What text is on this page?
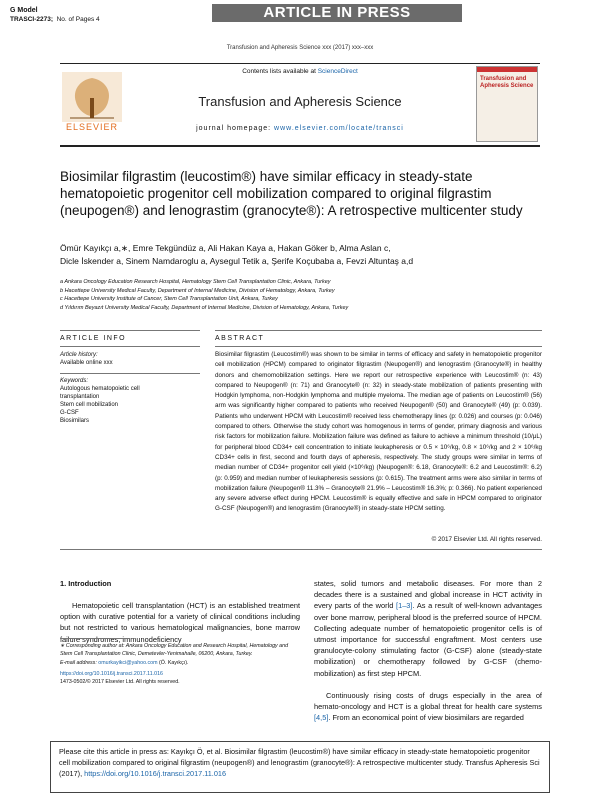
G Model
TRASCI-2273; No. of Pages 4	ARTICLE IN PRESS
Transfusion and Apheresis Science xxx (2017) xxx–xxx
ELSEVIER
Contents lists available at ScienceDirect
Transfusion and Apheresis Science
journal homepage: www.elsevier.com/locate/transci
Transfusion and Apheresis Science
Biosimilar filgrastim (leucostim®) have similar efficacy in steady-state hematopoietic progenitor cell mobilization compared to original filgrastim (neupogen®) and lenograstim (granocyte®): A retrospective multicenter study
Ömür Kayıkçı a,∗, Emre Tekgündüz a, Ali Hakan Kaya a, Hakan Göker b, Alma Aslan c,
Dicle İskender a, Sinem Namdaroglu a, Aysegul Tetik a, Şerife Koçubaba a, Fevzi Altuntaş a,d
a Ankara Oncology Education Research Hospital, Hematology Stem Cell Transplantation Clinic, Ankara, Turkey
b Hacettepe University Medical Faculty, Department of Internal Medicine, Division of Hematology, Ankara, Turkey
c Hacettepe University Institute of Cancer, Stem Cell Transplantation Unit, Ankara, Turkey
d Yıldırım Beyazıt University Medical Faculty, Department of Internal Medicine, Division of Hematology, Ankara, Turkey
ARTICLE INFO
Article history:
Available online xxx
Keywords:
Autologous hematopoietic cell
transplantation
Stem cell mobilization
G-CSF
Biosimilars
ABSTRACT
Biosimilar filgrastim (Leucostim®) was shown to be similar in terms of efficacy and safety in hematopoietic progenitor cell mobilization (HPCM) compared to originator filgrastim (Neupogen®) and lenograstim (Granocyte®) in healthy donors and chemomobilization settings. Here we report our retrospective experience with Leucostim® (n: 43) compared to Neupogen® (n: 71) and Granocyte® (n: 32) in steady-state mobilization of patients presenting with Hodgkin lymphoma, non-Hodgkin lymphoma and multiple myeloma. The median age of patients on Leucostim® (56) arm was significantly higher compared to patients who received Neupogen® (50) and Granocyte® (49) (p: 0.039). Patients who underwent HPCM with Leucostim® received less chemotherapy lines (p: 0.026) and courses (p: 0.046) compared to others. Otherwise the study cohort was homogenous in terms of gender, primary diagnosis and various risk factors for mobilization failure. Mobilization failure was defined as failure to achieve a minimum threshold (10/μL) for peripheral blood CD34+ cell concentration to initiate leukapheresis or 0.5 × 10⁶/kg, 0.8 × 10⁶/kg and 2 × 10⁶/kg CD34+ cells in first, second and fourth days of apheresis, respectively. The study groups were similar in terms of median number of CD34+ progenitor cell yield (×10⁶/kg) (Neupogen®: 6.18, Granocyte®: 6.2 and Leucostim®: 6.2) (p: 0.959) and median number of leukapheresis sessions (p: 0.615). The treatment arms were also similar in terms of mobilization failure (Neupogen® 11.3% – Granocyte® 21.9% – Leucostim® 16.3%; p: 0.366). No patient experienced any severe adverse effect during HPCM. Leucostim® is equally effective and safe in HPCM compared to originator G-CSF (Neupogen®) and lenograstim (Granocyte®) in steady-state HPCM setting.
© 2017 Elsevier Ltd. All rights reserved.
1. Introduction
Hematopoietic cell transplantation (HCT) is an established treatment option with curative potential for a variety of clinical conditions including but not restricted to various hematological malignancies, bone marrow failure syndromes, immunodeficiency
states, solid tumors and metabolic diseases. For more than 2 decades there is a sustained and global increase in HCT activity in every parts of the world [1–3]. As a result of well-known advantages over bone marrow, peripheral blood is the preferred source of HPCM. Collecting adequate number of hematopoietic progenitor cells is of utmost importance for successful engraftment. Most centers use granulocyte-colony stimulating factor (G-CSF) alone (steady-state mobilization) or chemotherapy followed by G-CSF (chemo-mobilization) as first step HPCM.
Continuously rising costs of drugs especially in the area of hemato-oncology and HCT is a global threat for health care systems [4,5]. From an economical point of view biosimilars are regarded
∗ Corresponding author at: Ankara Oncology Education and Research Hospital, Hematology and Stem Cell Transplantation Clinic, Demetevler-Yenimahalle, 06200, Ankara, Turkey.
E-mail address: omurkayikci@yahoo.com (Ö. Kayıkçı).
https://doi.org/10.1016/j.transci.2017.11.016
1473-0502/© 2017 Elsevier Ltd. All rights reserved.
Please cite this article in press as: Kayıkçı Ö, et al. Biosimilar filgrastim (leucostim®) have similar efficacy in steady-state hematopoietic progenitor cell mobilization compared to original filgrastim (neupogen®) and lenograstim (granocyte®): A retrospective multicenter study. Transfus Apheresis Sci (2017), https://doi.org/10.1016/j.transci.2017.11.016
